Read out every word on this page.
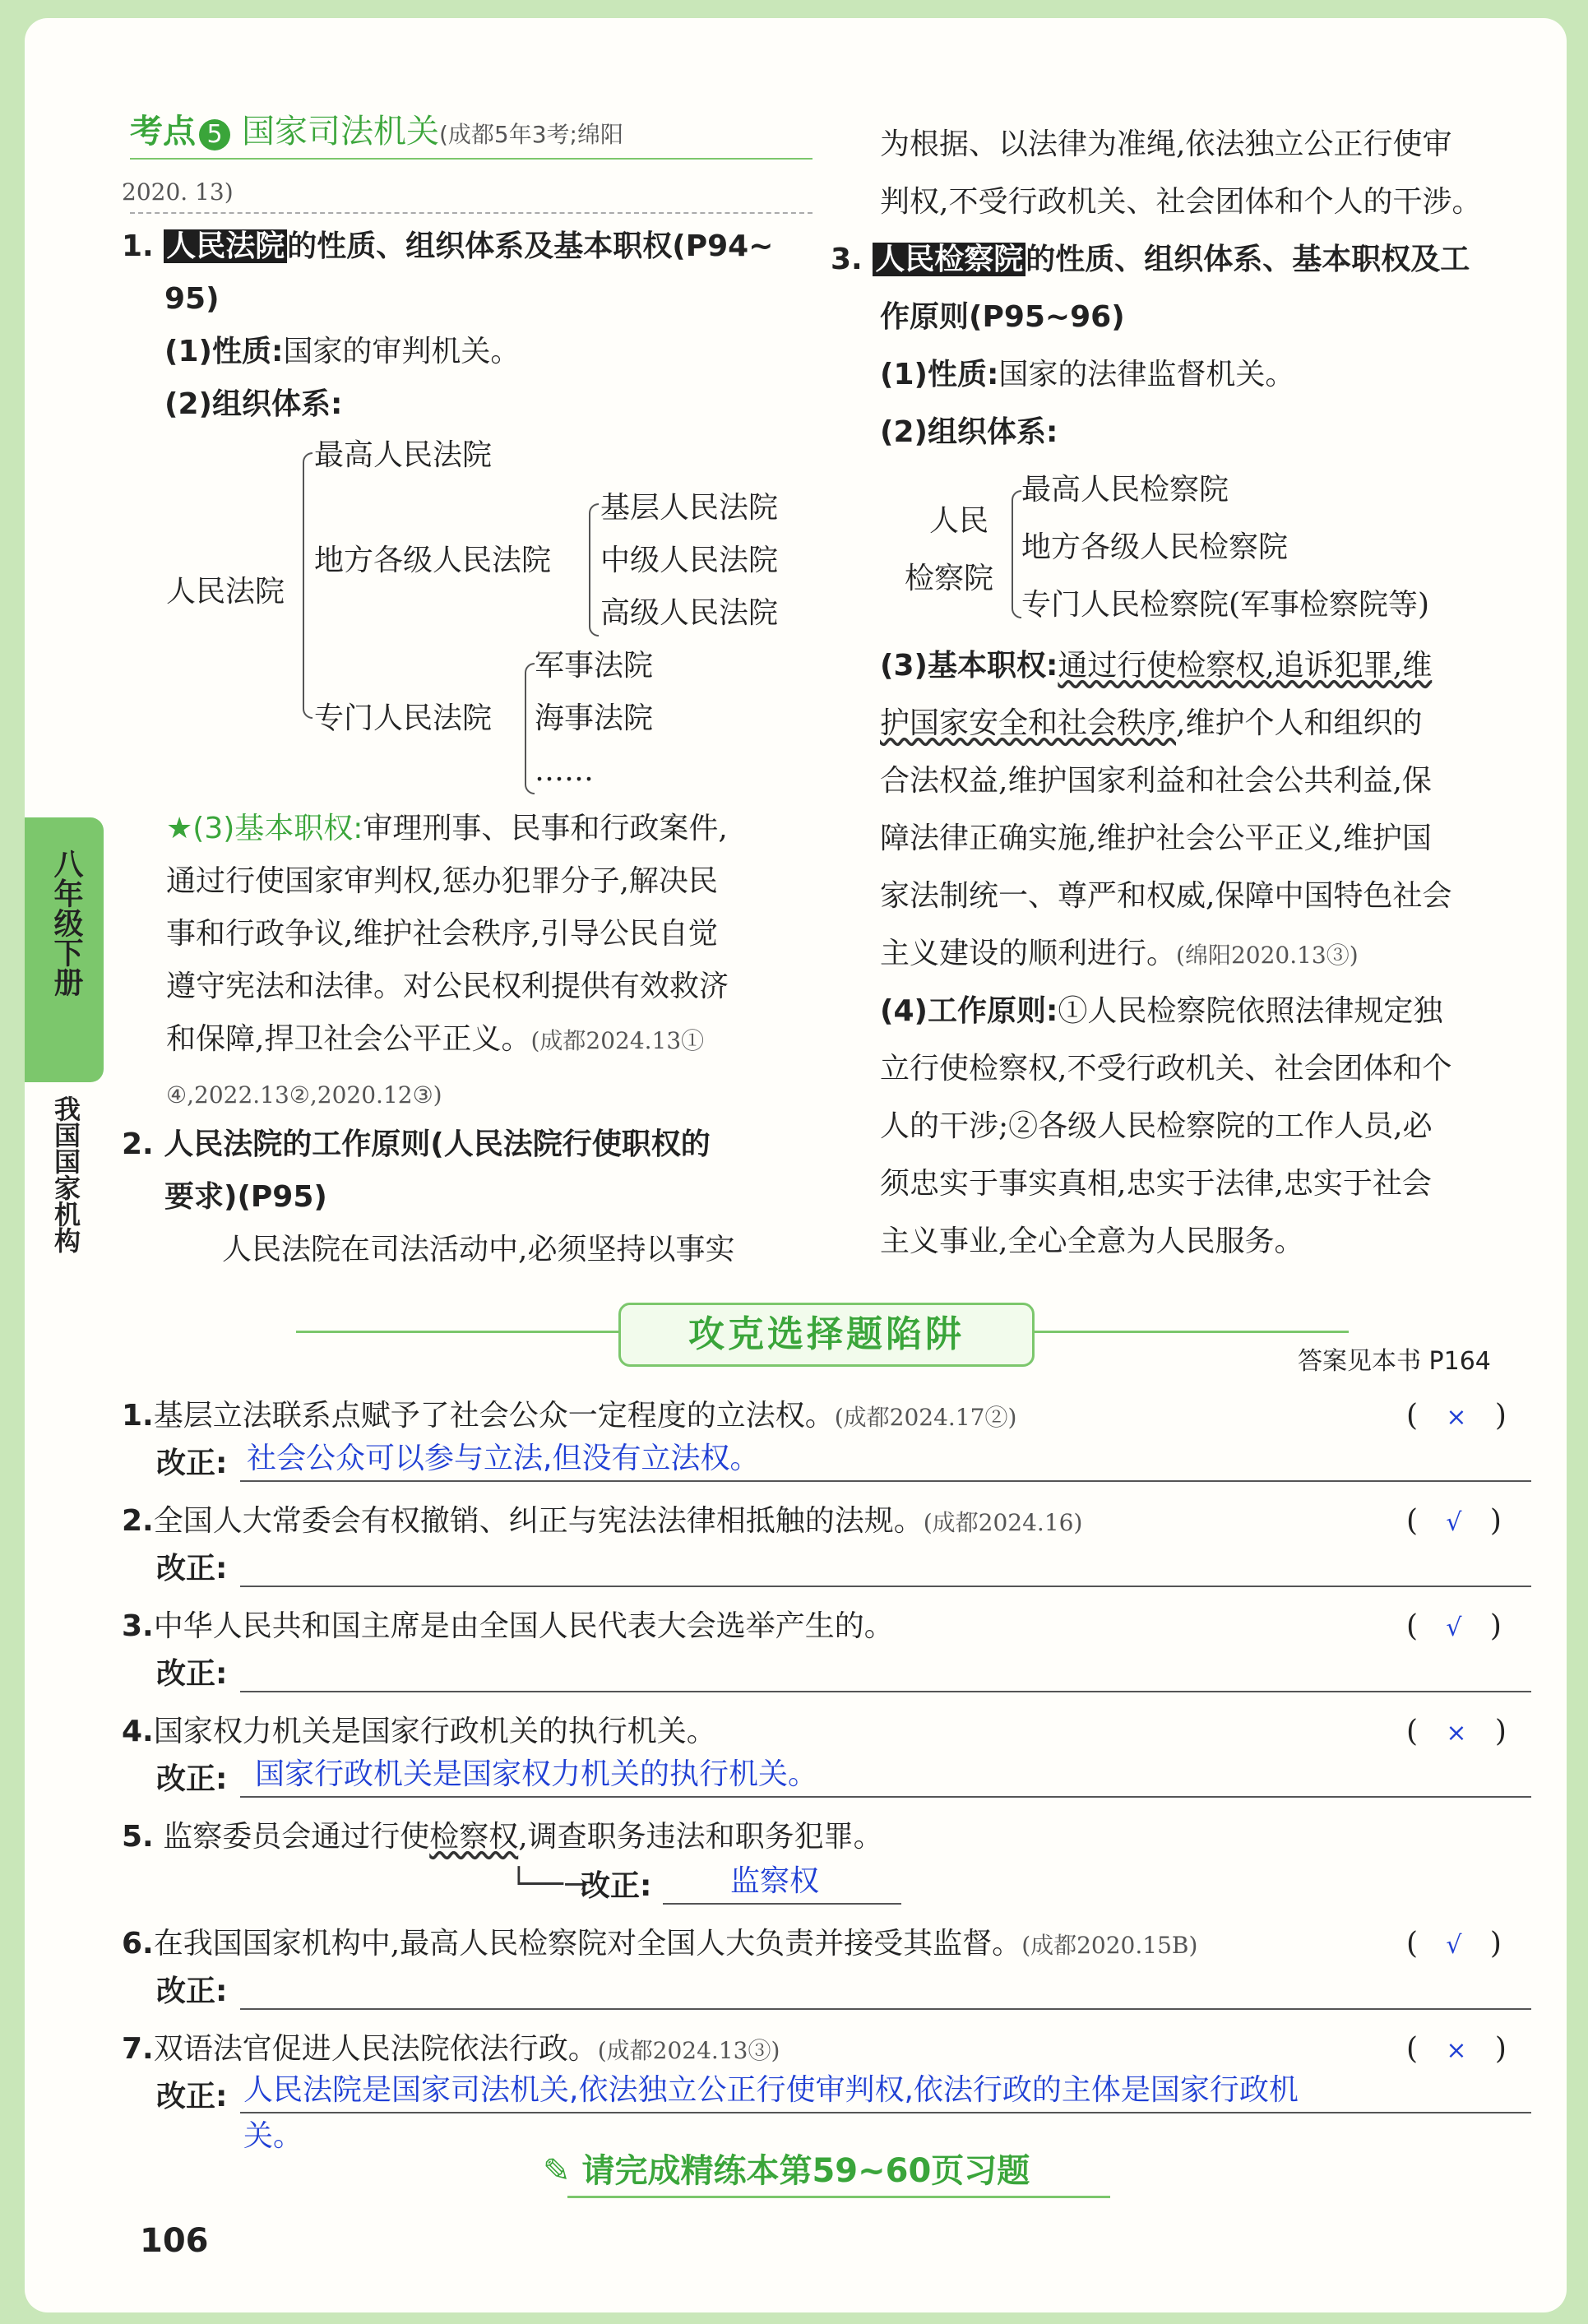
八年级下册
我国国家机构
考点 5 国家司法机关(成都5年3考;绵阳
2020. 13)
1. 人民法院的性质、组织体系及基本职权(P94~
95)
(1)性质:国家的审判机关。
(2)组织体系:
人民法院
最高人民法院
地方各级人民法院
基层人民法院
中级人民法院
高级人民法院
专门人民法院
军事法院
海事法院
……
★(3)基本职权:审理刑事、民事和行政案件,
通过行使国家审判权,惩办犯罪分子,解决民
事和行政争议,维护社会秩序,引导公民自觉
遵守宪法和法律。对公民权利提供有效救济
和保障,捍卫社会公平正义。(成都2024.13①
④,2022.13②,2020.12③)
2. 人民法院的工作原则(人民法院行使职权的
要求)(P95)
人民法院在司法活动中,必须坚持以事实
为根据、以法律为准绳,依法独立公正行使审
判权,不受行政机关、社会团体和个人的干涉。
3. 人民检察院的性质、组织体系、基本职权及工
作原则(P95~96)
(1)性质:国家的法律监督机关。
(2)组织体系:
人民
检察院
最高人民检察院
地方各级人民检察院
专门人民检察院(军事检察院等)
(3)基本职权:通过行使检察权,追诉犯罪,维
护国家安全和社会秩序,维护个人和组织的
合法权益,维护国家利益和社会公共利益,保
障法律正确实施,维护社会公平正义,维护国
家法制统一、尊严和权威,保障中国特色社会
主义建设的顺利进行。(绵阳2020.13③)
(4)工作原则:①人民检察院依照法律规定独
立行使检察权,不受行政机关、社会团体和个
人的干涉;②各级人民检察院的工作人员,必
须忠实于事实真相,忠实于法律,忠实于社会
主义事业,全心全意为人民服务。
攻克选择题陷阱
答案见本书 P164
1.基层立法联系点赋予了社会公众一定程度的立法权。(成都2024.17②)	(   ×   )
改正: 社会公众可以参与立法,但没有立法权。
2.全国人大常委会有权撤销、纠正与宪法法律相抵触的法规。(成都2024.16)	(   √   )
改正:
3.中华人民共和国主席是由全国人民代表大会选举产生的。	(   √   )
改正:
4.国家权力机关是国家行政机关的执行机关。	(   ×   )
改正: 国家行政机关是国家权力机关的执行机关。
5. 监察委员会通过行使检察权,调查职务违法和职务犯罪。
└──→
改正:	监察权
6.在我国国家机构中,最高人民检察院对全国人大负责并接受其监督。(成都2020.15B)	(   √   )
改正:
7.双语法官促进人民法院依法行政。(成都2024.13③)	(   ×   )
改正: 人民法院是国家司法机关,依法独立公正行使审判权,依法行政的主体是国家行政机
关。
✎ 请完成精练本第59~60页习题
106
